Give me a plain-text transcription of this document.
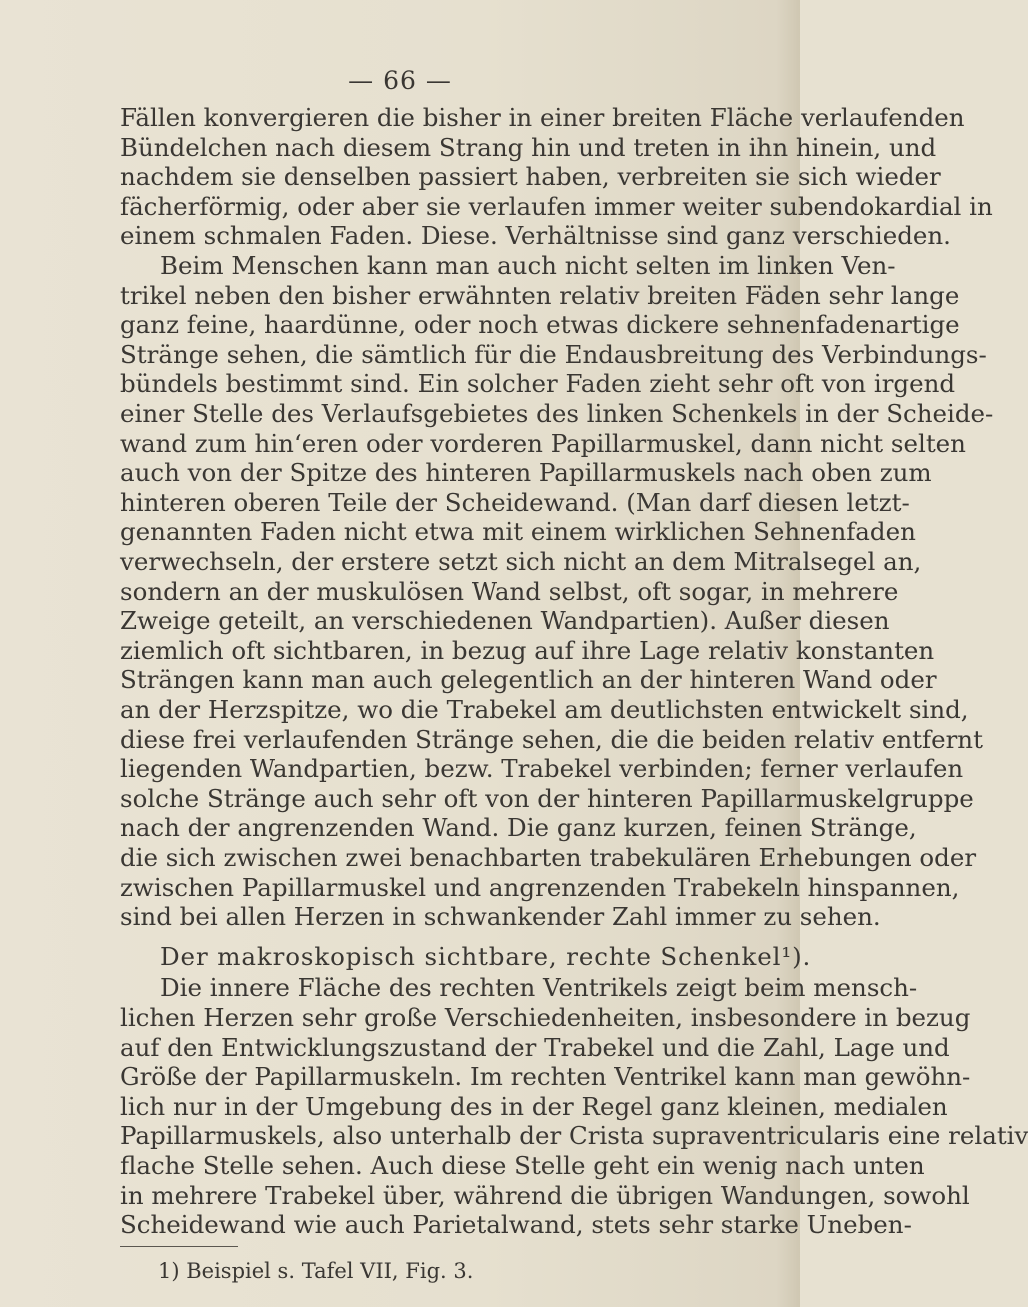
— 66 —
Fällen konvergieren die bisher in einer breiten Fläche verlaufenden
Bündelchen nach diesem Strang hin und treten in ihn hinein, und
nachdem sie denselben passiert haben, verbreiten sie sich wieder
fächerförmig, oder aber sie verlaufen immer weiter subendokardial in
einem schmalen Faden. Diese. Verhältnisse sind ganz verschieden.
Beim Menschen kann man auch nicht selten im linken Ven-
trikel neben den bisher erwähnten relativ breiten Fäden sehr lange
ganz feine, haardünne, oder noch etwas dickere sehnenfadenartige
Stränge sehen, die sämtlich für die Endausbreitung des Verbindungs-
bündels bestimmt sind. Ein solcher Faden zieht sehr oft von irgend
einer Stelle des Verlaufsgebietes des linken Schenkels in der Scheide-
wand zum hin‘eren oder vorderen Papillarmuskel, dann nicht selten
auch von der Spitze des hinteren Papillarmuskels nach oben zum
hinteren oberen Teile der Scheidewand. (Man darf diesen letzt-
genannten Faden nicht etwa mit einem wirklichen Sehnenfaden
verwechseln, der erstere setzt sich nicht an dem Mitralsegel an,
sondern an der muskulösen Wand selbst, oft sogar, in mehrere
Zweige geteilt, an verschiedenen Wandpartien). Außer diesen
ziemlich oft sichtbaren, in bezug auf ihre Lage relativ konstanten
Strängen kann man auch gelegentlich an der hinteren Wand oder
an der Herzspitze, wo die Trabekel am deutlichsten entwickelt sind,
diese frei verlaufenden Stränge sehen, die die beiden relativ entfernt
liegenden Wandpartien, bezw. Trabekel verbinden; ferner verlaufen
solche Stränge auch sehr oft von der hinteren Papillarmuskelgruppe
nach der angrenzenden Wand. Die ganz kurzen, feinen Stränge,
die sich zwischen zwei benachbarten trabekulären Erhebungen oder
zwischen Papillarmuskel und angrenzenden Trabekeln hinspannen,
sind bei allen Herzen in schwankender Zahl immer zu sehen.
Der makroskopisch sichtbare, rechte Schenkel¹).
Die innere Fläche des rechten Ventrikels zeigt beim mensch-
lichen Herzen sehr große Verschiedenheiten, insbesondere in bezug
auf den Entwicklungszustand der Trabekel und die Zahl, Lage und
Größe der Papillarmuskeln. Im rechten Ventrikel kann man gewöhn-
lich nur in der Umgebung des in der Regel ganz kleinen, medialen
Papillarmuskels, also unterhalb der Crista supraventricularis eine relativ
flache Stelle sehen. Auch diese Stelle geht ein wenig nach unten
in mehrere Trabekel über, während die übrigen Wandungen, sowohl
Scheidewand wie auch Parietalwand, stets sehr starke Uneben-
1) Beispiel s. Tafel VII, Fig. 3.
